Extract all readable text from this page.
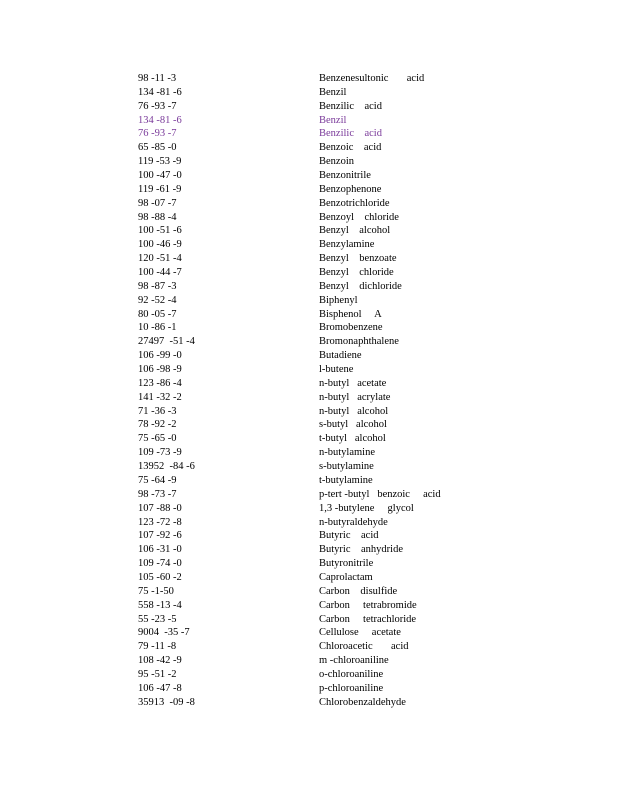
98 -11 -3	Benzenesultonic       acid
134 -81 -6	Benzil
76 -93 -7	Benzilic    acid
134 -81 -6	Benzil
76 -93 -7	Benzilic    acid
65 -85 -0	Benzoic    acid
119 -53 -9	Benzoin
100 -47 -0	Benzonitrile
119 -61 -9	Benzophenone
98 -07 -7	Benzotrichloride
98 -88 -4	Benzoyl    chloride
100 -51 -6	Benzyl    alcohol
100 -46 -9	Benzylamine
120 -51 -4	Benzyl    benzoate
100 -44 -7	Benzyl    chloride
98 -87 -3	Benzyl    dichloride
92 -52 -4	Biphenyl
80 -05 -7	Bisphenol     A
10 -86 -1	Bromobenzene
27497  -51 -4	Bromonaphthalene
106 -99 -0	Butadiene
106 -98 -9	l-butene
123 -86 -4	n-butyl   acetate
141 -32 -2	n-butyl   acrylate
71 -36 -3	n-butyl   alcohol
78 -92 -2	s-butyl   alcohol
75 -65 -0	t-butyl   alcohol
109 -73 -9	n-butylamine
13952  -84 -6	s-butylamine
75 -64 -9	t-butylamine
98 -73 -7	p-tert -butyl   benzoic     acid
107 -88 -0	1,3 -butylene     glycol
123 -72 -8	n-butyraldehyde
107 -92 -6	Butyric    acid
106 -31 -0	Butyric    anhydride
109 -74 -0	Butyronitrile
105 -60 -2	Caprolactam
75 -1-50	Carbon    disulfide
558 -13 -4	Carbon     tetrabromide
55 -23 -5	Carbon     tetrachloride
9004  -35 -7	Cellulose     acetate
79 -11 -8	Chloroacetic       acid
108 -42 -9	m -chloroaniline
95 -51 -2	o-chloroaniline
106 -47 -8	p-chloroaniline
35913  -09 -8	Chlorobenzaldehyde
